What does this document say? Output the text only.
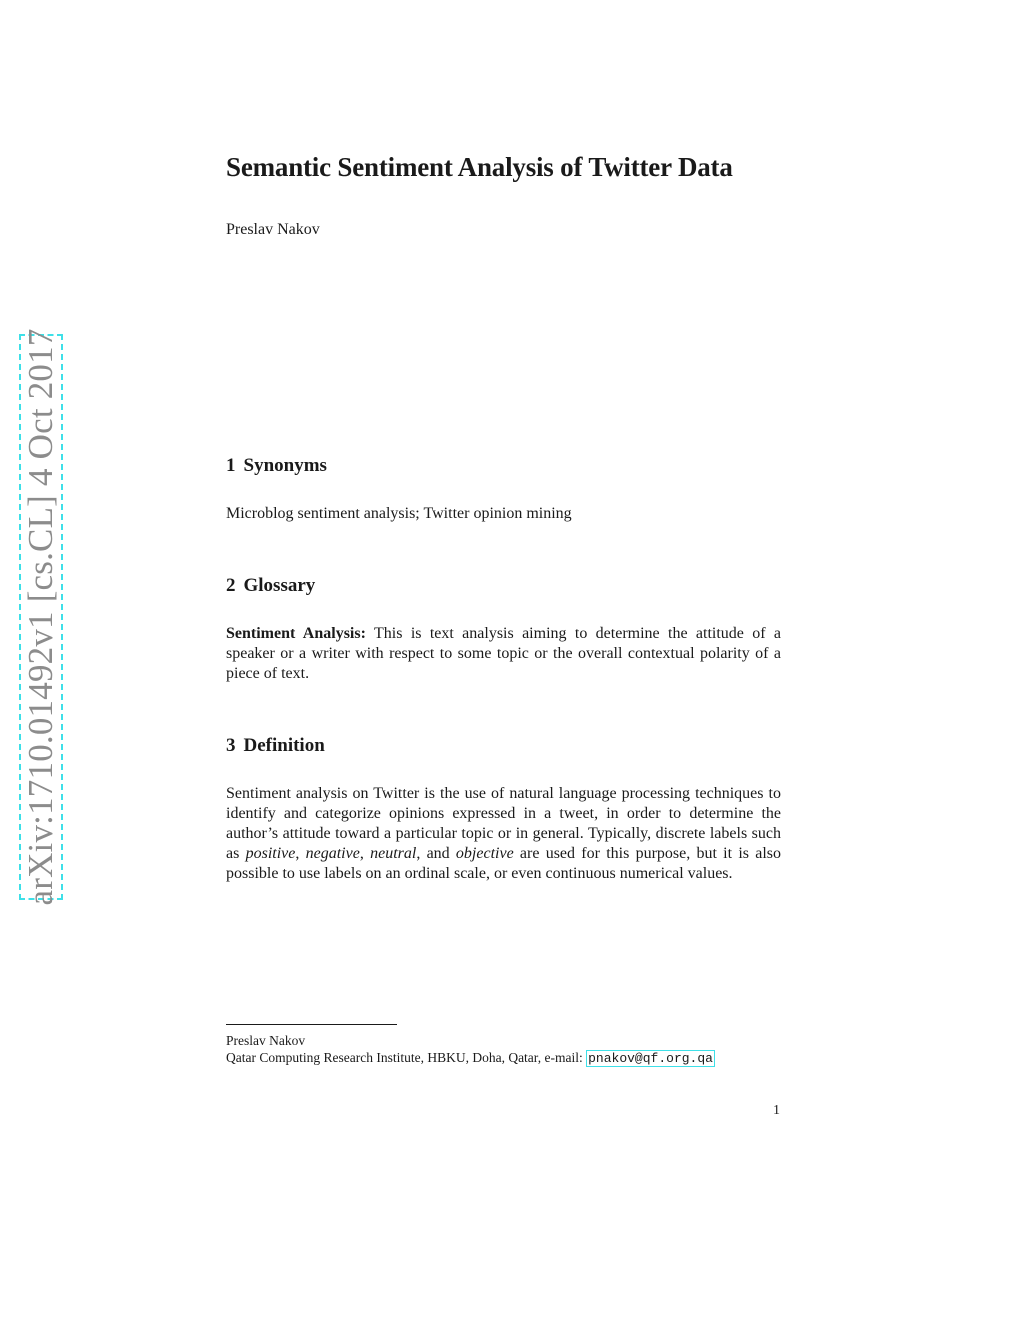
arXiv:1710.01492v1 [cs.CL] 4 Oct 2017
Semantic Sentiment Analysis of Twitter Data

Preslav Nakov

1 Synonyms

Microblog sentiment analysis; Twitter opinion mining

2 Glossary

Sentiment Analysis: This is text analysis aiming to determine the attitude of a speaker or a writer with respect to some topic or the overall contextual polarity of a piece of text.

3 Definition

Sentiment analysis on Twitter is the use of natural language processing techniques to identify and categorize opinions expressed in a tweet, in order to determine the author’s attitude toward a particular topic or in general. Typically, discrete labels such as positive, negative, neutral, and objective are used for this purpose, but it is also possible to use labels on an ordinal scale, or even continuous numerical values.

Preslav Nakov

Qatar Computing Research Institute, HBKU, Doha, Qatar, e-mail: pnakov@qf.org.qa

1
